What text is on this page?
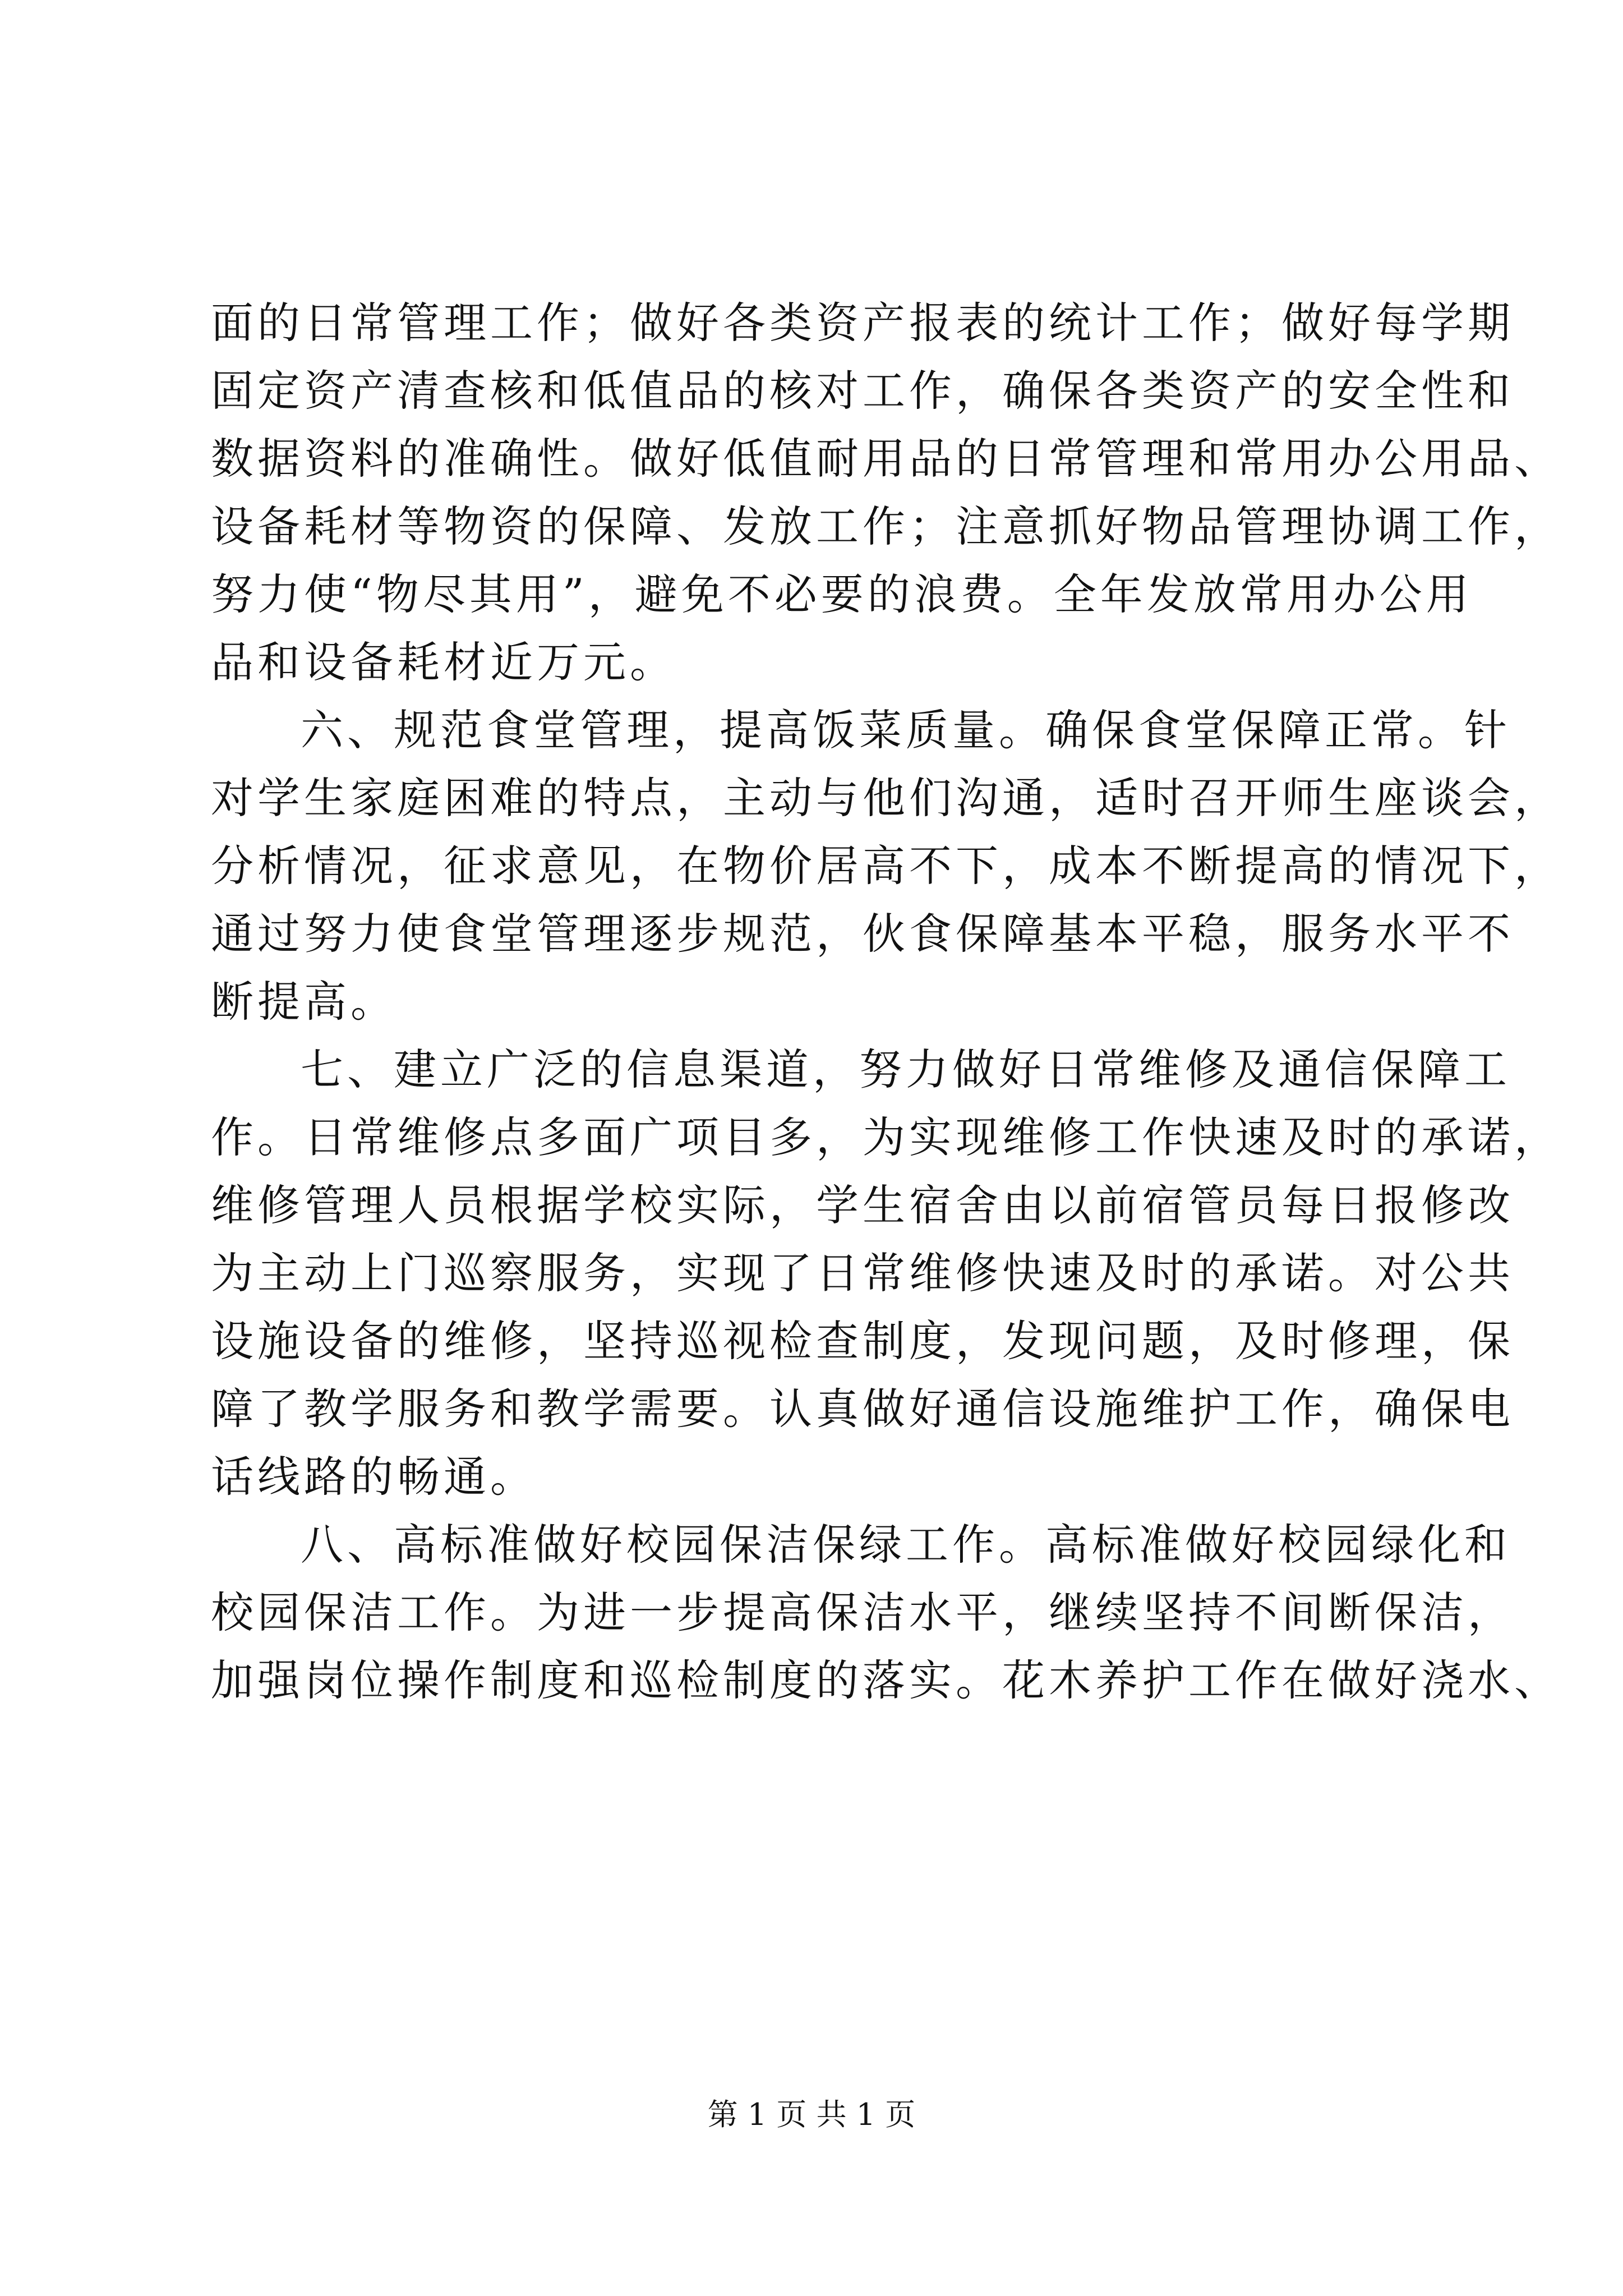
面的日常管理工作；做好各类资产报表的统计工作；做好每学期
固定资产清查核和低值品的核对工作，确保各类资产的安全性和
数据资料的准确性。做好低值耐用品的日常管理和常用办公用品、
设备耗材等物资的保障、发放工作；注意抓好物品管理协调工作，
努力使“物尽其用”，避免不必要的浪费。全年发放常用办公用
品和设备耗材近万元。
六、规范食堂管理，提高饭菜质量。确保食堂保障正常。针
对学生家庭困难的特点，主动与他们沟通，适时召开师生座谈会，
分析情况，征求意见，在物价居高不下，成本不断提高的情况下，
通过努力使食堂管理逐步规范，伙食保障基本平稳，服务水平不
断提高。
七、建立广泛的信息渠道，努力做好日常维修及通信保障工
作。日常维修点多面广项目多，为实现维修工作快速及时的承诺，
维修管理人员根据学校实际，学生宿舍由以前宿管员每日报修改
为主动上门巡察服务，实现了日常维修快速及时的承诺。对公共
设施设备的维修，坚持巡视检查制度，发现问题，及时修理，保
障了教学服务和教学需要。认真做好通信设施维护工作，确保电
话线路的畅通。
八、高标准做好校园保洁保绿工作。高标准做好校园绿化和
校园保洁工作。为进一步提高保洁水平，继续坚持不间断保洁，
加强岗位操作制度和巡检制度的落实。花木养护工作在做好浇水、
第 1 页 共 1 页
